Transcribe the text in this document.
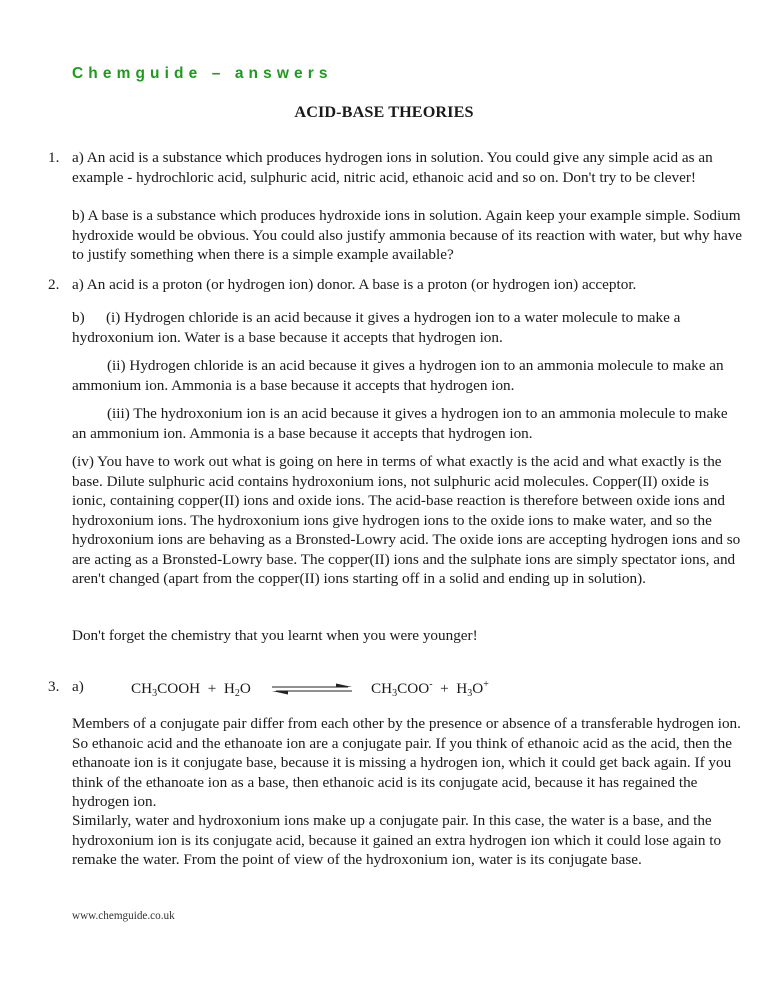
Chemguide – answers
ACID-BASE THEORIES
1. a) An acid is a substance which produces hydrogen ions in solution. You could give any simple acid as an example - hydrochloric acid, sulphuric acid, nitric acid, ethanoic acid and so on. Don't try to be clever!

b) A base is a substance which produces hydroxide ions in solution. Again keep your example simple. Sodium hydroxide would be obvious. You could also justify ammonia because of its reaction with water, but why have to justify something when there is a simple example available?

2. a) An acid is a proton (or hydrogen ion) donor. A base is a proton (or hydrogen ion) acceptor.

b) (i) Hydrogen chloride is an acid because it gives a hydrogen ion to a water molecule to make a hydroxonium ion. Water is a base because it accepts that hydrogen ion.

(ii) Hydrogen chloride is an acid because it gives a hydrogen ion to an ammonia molecule to make an ammonium ion. Ammonia is a base because it accepts that hydrogen ion.

(iii) The hydroxonium ion is an acid because it gives a hydrogen ion to an ammonia molecule to make an ammonium ion. Ammonia is a base because it accepts that hydrogen ion.

(iv) You have to work out what is going on here in terms of what exactly is the acid and what exactly is the base. Dilute sulphuric acid contains hydroxonium ions, not sulphuric acid molecules. Copper(II) oxide is ionic, containing copper(II) ions and oxide ions. The acid-base reaction is therefore between oxide ions and hydroxonium ions. The hydroxonium ions give hydrogen ions to the oxide ions to make water, and so the hydroxonium ions are behaving as a Bronsted-Lowry acid. The oxide ions are accepting hydrogen ions and so are acting as a Bronsted-Lowry base. The copper(II) ions and the sulphate ions are simply spectator ions, and aren't changed (apart from the copper(II) ions starting off in a solid and ending up in solution).

Don't forget the chemistry that you learnt when you were younger!

3. a)	$CH_3COOH + H_2O$	$CH_3COO^- + H_3O^+$

Members of a conjugate pair differ from each other by the presence or absence of a transferable hydrogen ion. So ethanoic acid and the ethanoate ion are a conjugate pair. If you think of ethanoic acid as the acid, then the ethanoate ion is it conjugate base, because it is missing a hydrogen ion, which it could get back again. If you think of the ethanoate ion as a base, then ethanoic acid is its conjugate acid, because it has regained the hydrogen ion.

Similarly, water and hydroxonium ions make up a conjugate pair. In this case, the water is a base, and the hydroxonium ion is its conjugate acid, because it gained an extra hydrogen ion which it could lose again to remake the water. From the point of view of the hydroxonium ion, water is its conjugate base.

www.chemguide.co.uk
